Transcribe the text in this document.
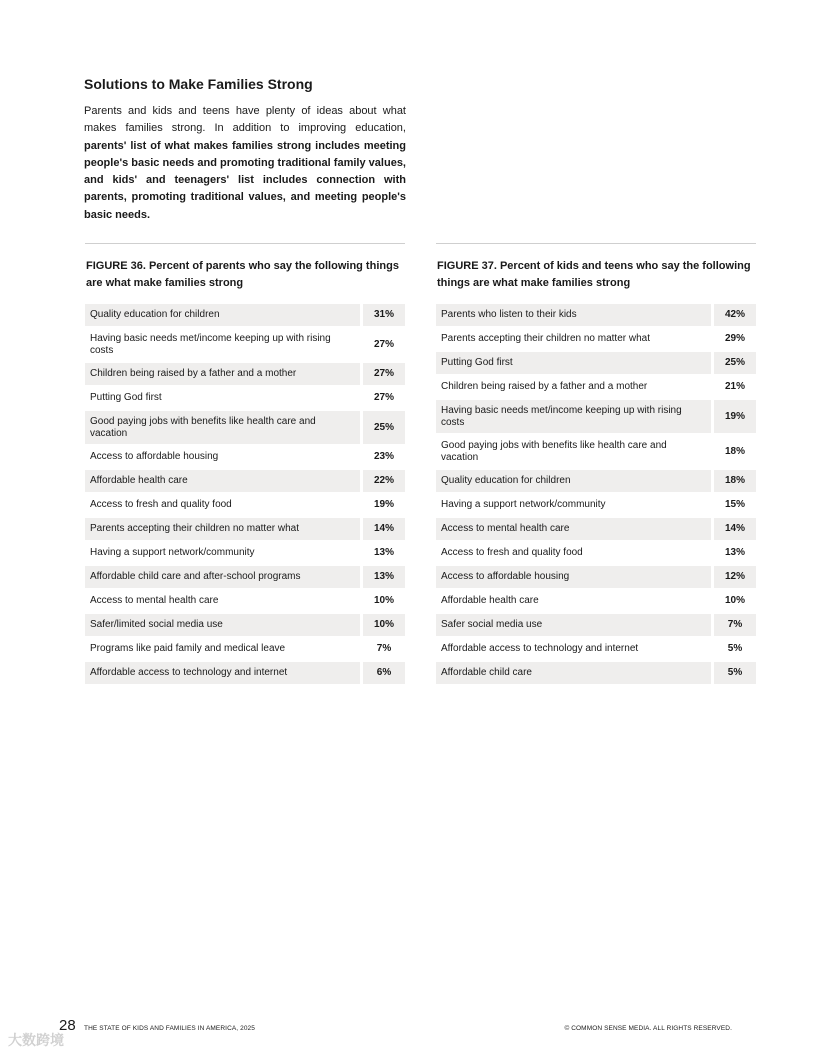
Solutions to Make Families Strong

Parents and kids and teens have plenty of ideas about what makes families strong. In addition to improving education, parents' list of what makes families strong includes meeting people's basic needs and promoting traditional family values, and kids' and teenagers' list includes connection with parents, promoting traditional values, and meeting people's basic needs.

FIGURE 36. Percent of parents who say the following things are what make families strong

Quality education for children	31%
Having basic needs met/income keeping up with rising costs	27%
Children being raised by a father and a mother	27%
Putting God first	27%
Good paying jobs with benefits like health care and vacation	25%
Access to affordable housing	23%
Affordable health care	22%
Access to fresh and quality food	19%
Parents accepting their children no matter what	14%
Having a support network/community	13%
Affordable child care and after-school programs	13%
Access to mental health care	10%
Safer/limited social media use	10%
Programs like paid family and medical leave	7%
Affordable access to technology and internet	6%

FIGURE 37. Percent of kids and teens who say the following things are what make families strong

Parents who listen to their kids	42%
Parents accepting their children no matter what	29%
Putting God first	25%
Children being raised by a father and a mother	21%
Having basic needs met/income keeping up with rising costs	19%
Good paying jobs with benefits like health care and vacation	18%
Quality education for children	18%
Having a support network/community	15%
Access to mental health care	14%
Access to fresh and quality food	13%
Access to affordable housing	12%
Affordable health care	10%
Safer social media use	7%
Affordable access to technology and internet	5%
Affordable child care	5%
28 THE STATE OF KIDS AND FAMILIES IN AMERICA, 2025	© COMMON SENSE MEDIA. ALL RIGHTS RESERVED.
大数跨境
